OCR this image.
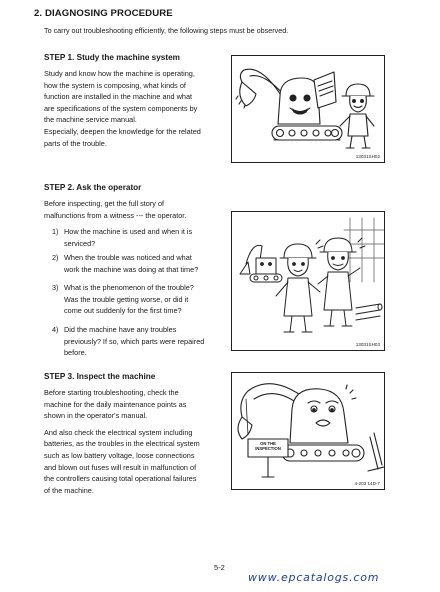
2. DIAGNOSING PROCEDURE
To carry out troubleshooting efficiently, the following steps must be observed.
STEP 1. Study the machine system
Study and know how the machine is operating,
how the system is composing, what kinds of
function are installed in the machine and what
are specifications of the system components by
the machine service manual.
Especially, deepen the knowledge for the related
parts of the trouble.
13031SH02
STEP 2. Ask the operator
Before inspecting, get the full story of
malfunctions from a witness --- the operator.
1) How the machine is used and when it is
serviced?
2) When the trouble was noticed and what
work the machine was doing at that time?
3) What is the phenomenon of the trouble?
Was the trouble getting worse, or did it
come out suddenly for the first time?
4) Did the machine have any troubles
previously? If so, which parts were repaired
before.
13031SH03
STEP 3. Inspect the machine
Before starting troubleshooting, check the
machine for the daily maintenance points as
shown in the operator's manual.
And also check the electrical system including
batteries, as the troubles in the electrical system
such as low battery voltage, loose connections
and blown out fuses will result in malfunction of
the controllers causing total operational failures
of the machine.
ON THE
INSPECTION
4-203 14D-7
5-2
www.epcatalogs.com
